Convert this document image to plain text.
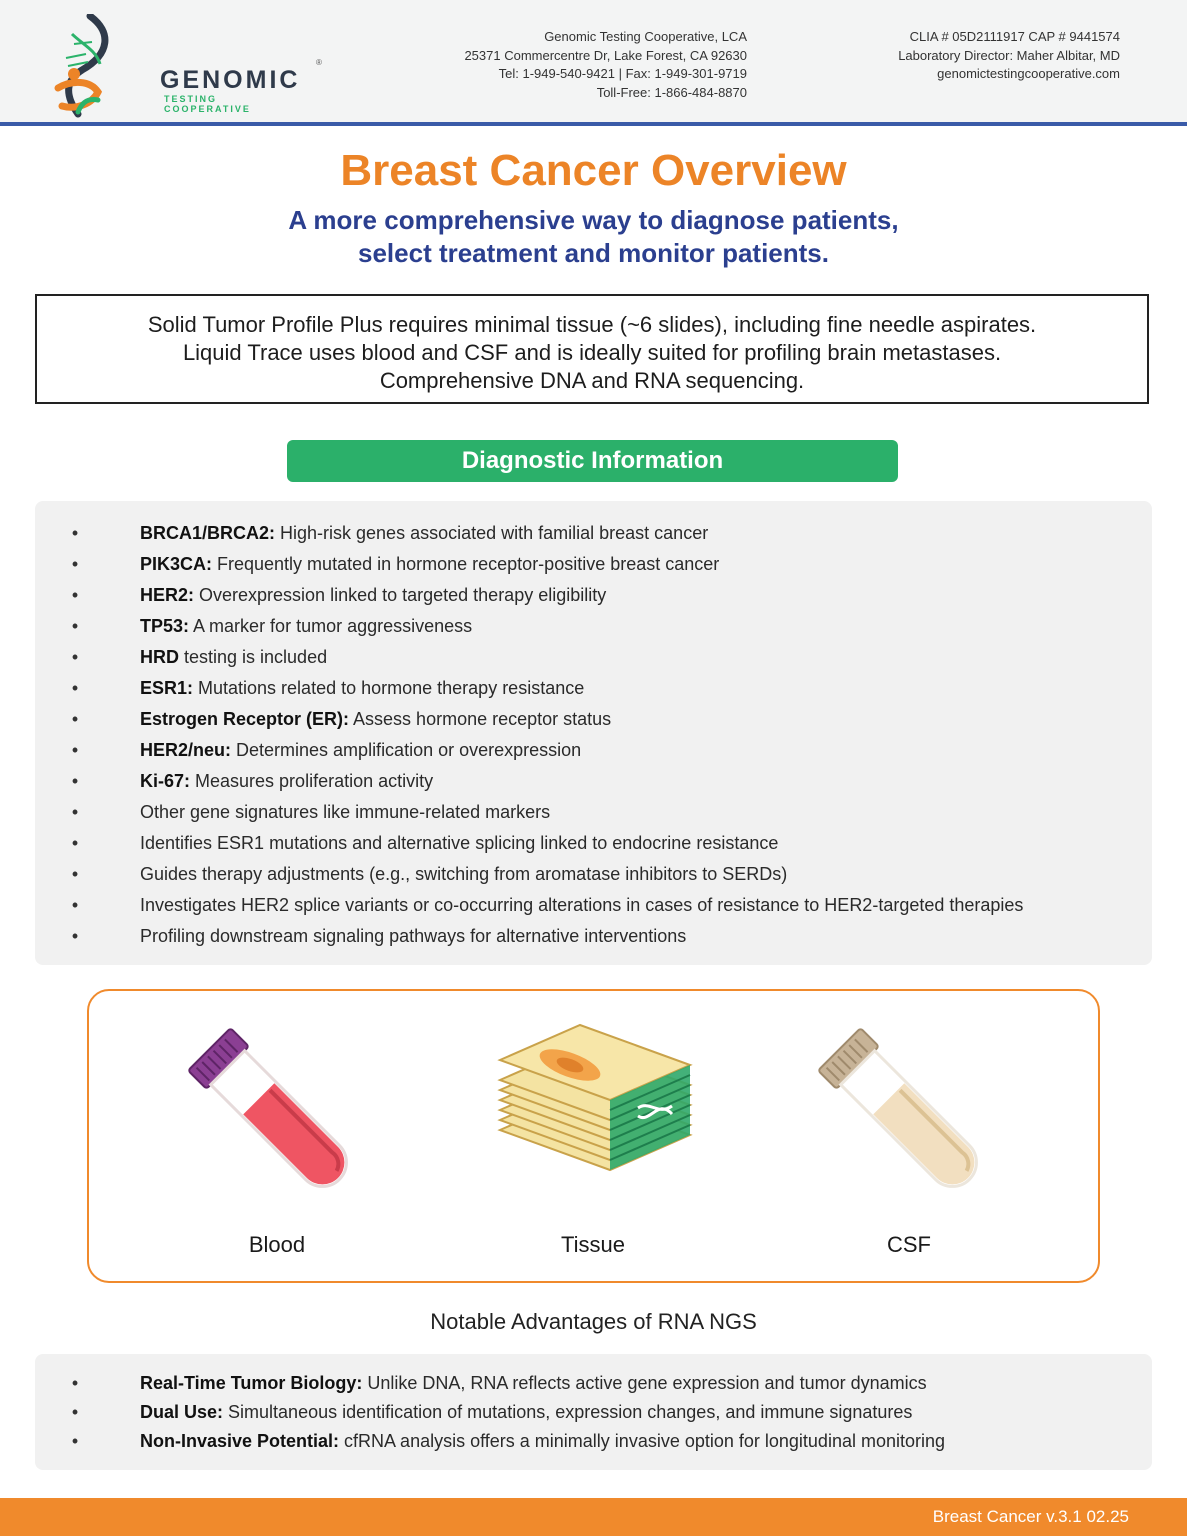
GENOMIC
TESTING COOPERATIVE
®
Genomic Testing Cooperative, LCA
25371 Commercentre Dr, Lake Forest, CA 92630
Tel: 1-949-540-9421 | Fax: 1-949-301-9719
Toll-Free: 1-866-484-8870
CLIA # 05D2111917 CAP # 9441574
Laboratory Director: Maher Albitar, MD
genomictestingcooperative.com
Breast Cancer Overview
A more comprehensive way to diagnose patients,
select treatment and monitor patients.
Solid Tumor Profile Plus requires minimal tissue (~6 slides), including fine needle aspirates.
Liquid Trace uses blood and CSF and is ideally suited for profiling brain metastases.
Comprehensive DNA and RNA sequencing.
Diagnostic Information
•	BRCA1/BRCA2: High-risk genes associated with familial breast cancer
•	PIK3CA: Frequently mutated in hormone receptor-positive breast cancer
•	HER2: Overexpression linked to targeted therapy eligibility
•	TP53: A marker for tumor aggressiveness
•	HRD testing is included
•	ESR1: Mutations related to hormone therapy resistance
•	Estrogen Receptor (ER): Assess hormone receptor status
•	HER2/neu: Determines amplification or overexpression
•	Ki-67: Measures proliferation activity
•	Other gene signatures like immune-related markers
•	Identifies ESR1 mutations and alternative splicing linked to endocrine resistance
•	Guides therapy adjustments (e.g., switching from aromatase inhibitors to SERDs)
•	Investigates HER2 splice variants or co-occurring alterations in cases of resistance to HER2-targeted therapies
•	Profiling downstream signaling pathways for alternative interventions
Blood	Tissue	CSF
Notable Advantages of RNA NGS
•	Real-Time Tumor Biology: Unlike DNA, RNA reflects active gene expression and tumor dynamics
•	Dual Use: Simultaneous identification of mutations, expression changes, and immune signatures
•	Non-Invasive Potential: cfRNA analysis offers a minimally invasive option for longitudinal monitoring
Breast Cancer v.3.1 02.25
